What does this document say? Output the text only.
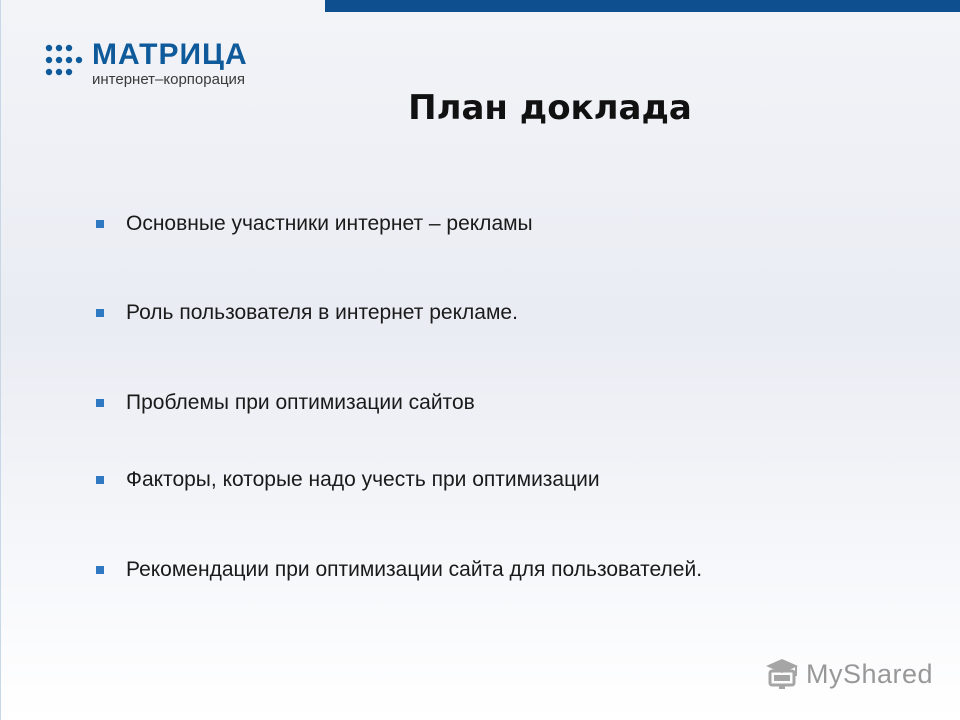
МАТРИЦА
интернет–корпорация
План доклада
Основные участники интернет – рекламы
Роль пользователя в интернет рекламе.
Проблемы при оптимизации сайтов
Факторы, которые надо учесть при оптимизации
Рекомендации при оптимизации сайта для пользователей.
MyShared
